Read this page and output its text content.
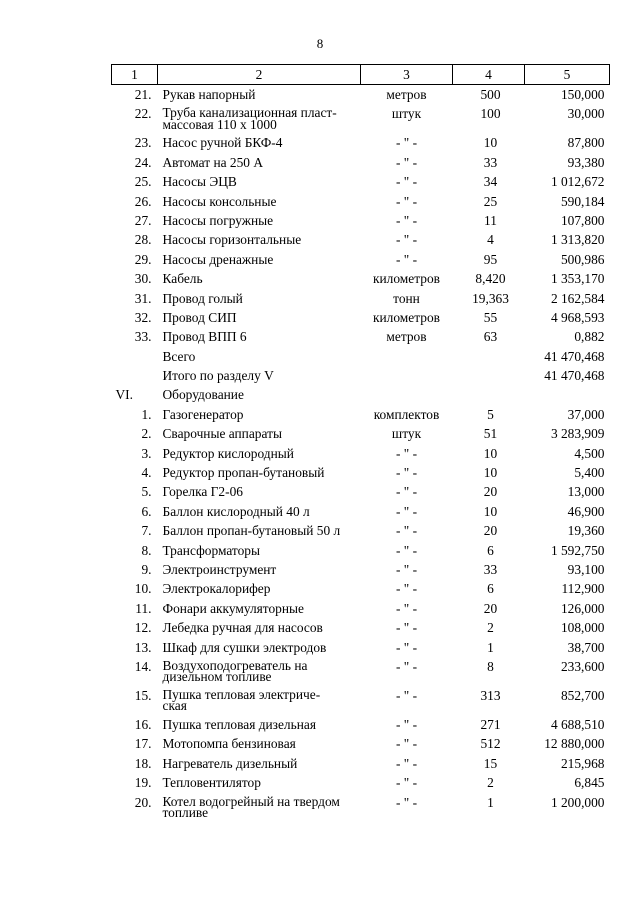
8
1	2	3	4	5
21.	Рукав напорный	метров	500	150,000
22.	Труба канализационная пласт-
массовая 110 х 1000	штук	100	30,000
23.	Насос ручной БКФ-4	- " -	10	87,800
24.	Автомат на 250 А	- " -	33	93,380
25.	Насосы ЭЦВ	- " -	34	1 012,672
26.	Насосы консольные	- " -	25	590,184
27.	Насосы погружные	- " -	11	107,800
28.	Насосы горизонтальные	- " -	4	1 313,820
29.	Насосы дренажные	- " -	95	500,986
30.	Кабель	километров	8,420	1 353,170
31.	Провод голый	тонн	19,363	2 162,584
32.	Провод СИП	километров	55	4 968,593
33.	Провод ВПП 6	метров	63	0,882

	Всего			41 470,468

	Итого по разделу V			41 470,468
VI.	Оборудование			

1.	Газогенератор	комплектов	5	37,000
2.	Сварочные аппараты	штук	51	3 283,909
3.	Редуктор кислородный	- " -	10	4,500
4.	Редуктор пропан-бутановый	- " -	10	5,400
5.	Горелка Г2-06	- " -	20	13,000
6.	Баллон кислородный 40 л	- " -	10	46,900
7.	Баллон пропан-бутановый 50 л	- " -	20	19,360
8.	Трансформаторы	- " -	6	1 592,750
9.	Электроинструмент	- " -	33	93,100
10.	Электрокалорифер	- " -	6	112,900
11.	Фонари аккумуляторные	- " -	20	126,000
12.	Лебедка ручная для насосов	- " -	2	108,000
13.	Шкаф для сушки электродов	- " -	1	38,700
14.	Воздухоподогреватель на
дизельном топливе	- " -	8	233,600
15.	Пушка тепловая электриче-
ская	- " -	313	852,700
16.	Пушка тепловая дизельная	- " -	271	4 688,510
17.	Мотопомпа бензиновая	- " -	512	12 880,000
18.	Нагреватель дизельный	- " -	15	215,968
19.	Тепловентилятор	- " -	2	6,845
20.	Котел водогрейный на твердом
топливе	- " -	1	1 200,000
